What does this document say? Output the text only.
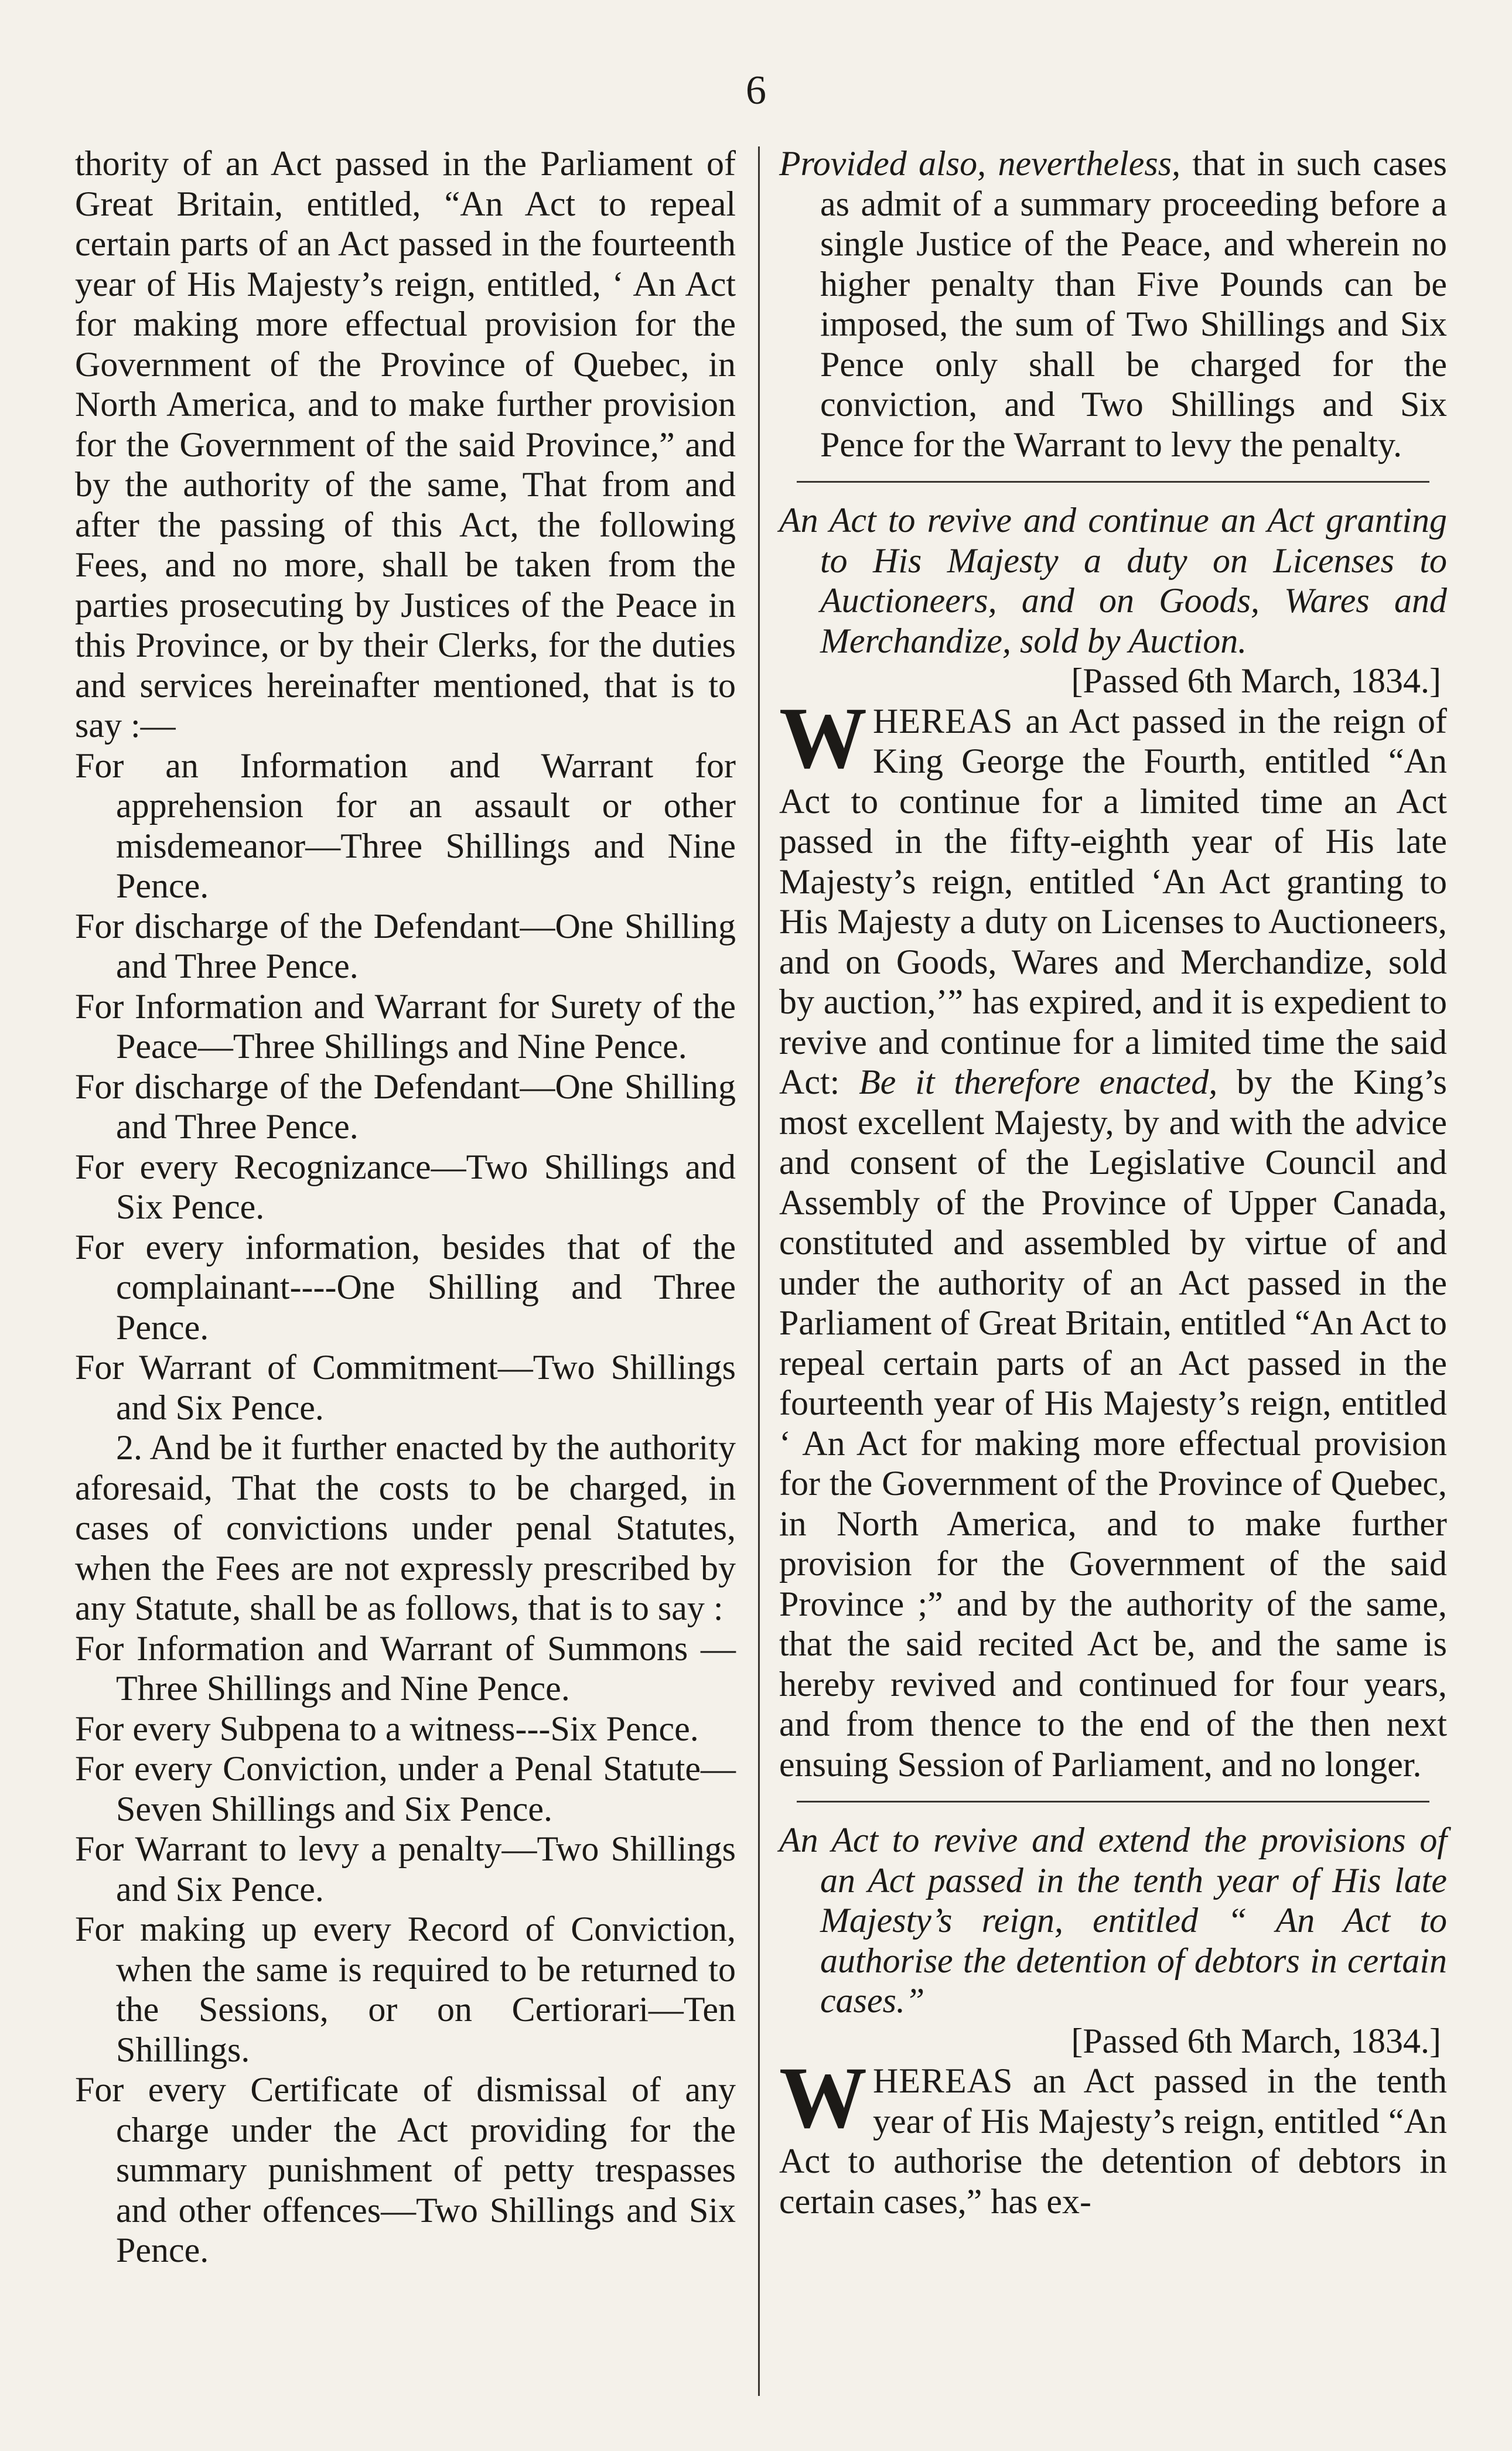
6

thority of an Act passed in the Parliament of Great Britain, entitled, “An Act to repeal certain parts of an Act passed in the fourteenth year of His Majesty’s reign, entitled, ‘ An Act for making more effectual provision for the Government of the Province of Quebec, in North America, and to make further provision for the Government of the said Province,” and by the authority of the same, That from and after the passing of this Act, the following Fees, and no more, shall be taken from the parties prosecuting by Justices of the Peace in this Province, or by their Clerks, for the duties and services hereinafter mentioned, that is to say :—

For an Information and Warrant for apprehension for an assault or other misdemeanor—Three Shillings and Nine Pence.

For discharge of the Defendant—One Shilling and Three Pence.

For Information and Warrant for Surety of the Peace—Three Shillings and Nine Pence.

For discharge of the Defendant—One Shilling and Three Pence.

For every Recognizance—Two Shillings and Six Pence.

For every information, besides that of the complainant----One Shilling and Three Pence.

For Warrant of Commitment—Two Shillings and Six Pence.

2. And be it further enacted by the authority aforesaid, That the costs to be charged, in cases of convictions under penal Statutes, when the Fees are not expressly prescribed by any Statute, shall be as follows, that is to say :

For Information and Warrant of Summons —Three Shillings and Nine Pence.

For every Subpena to a witness---Six Pence.

For every Conviction, under a Penal Statute—Seven Shillings and Six Pence.

For Warrant to levy a penalty—Two Shillings and Six Pence.

For making up every Record of Conviction, when the same is required to be returned to the Sessions, or on Certiorari—Ten Shillings.

For every Certificate of dismissal of any charge under the Act providing for the summary punishment of petty trespasses and other offences—Two Shillings and Six Pence.

Provided also, nevertheless, that in such cases as admit of a summary proceeding before a single Justice of the Peace, and wherein no higher penalty than Five Pounds can be imposed, the sum of Two Shillings and Six Pence only shall be charged for the conviction, and Two Shillings and Six Pence for the Warrant to levy the penalty.

An Act to revive and continue an Act granting to His Majesty a duty on Licenses to Auctioneers, and on Goods, Wares and Merchandize, sold by Auction.

[Passed 6th March, 1834.]

WHEREAS an Act passed in the reign of King George the Fourth, entitled “An Act to continue for a limited time an Act passed in the fifty-eighth year of His late Majesty’s reign, entitled ‘An Act granting to His Majesty a duty on Licenses to Auctioneers, and on Goods, Wares and Merchandize, sold by auction,’” has expired, and it is expedient to revive and continue for a limited time the said Act: Be it therefore enacted, by the King’s most excellent Majesty, by and with the advice and consent of the Legislative Council and Assembly of the Province of Upper Canada, constituted and assembled by virtue of and under the authority of an Act passed in the Parliament of Great Britain, entitled “An Act to repeal certain parts of an Act passed in the fourteenth year of His Majesty’s reign, entitled ‘ An Act for making more effectual provision for the Government of the Province of Quebec, in North America, and to make further provision for the Government of the said Province ;” and by the authority of the same, that the said recited Act be, and the same is hereby revived and continued for four years, and from thence to the end of the then next ensuing Session of Parliament, and no longer.

An Act to revive and extend the provisions of an Act passed in the tenth year of His late Majesty’s reign, entitled “ An Act to authorise the detention of debtors in certain cases.”

[Passed 6th March, 1834.]

WHEREAS an Act passed in the tenth year of His Majesty’s reign, entitled “An Act to authorise the detention of debtors in certain cases,” has ex-
